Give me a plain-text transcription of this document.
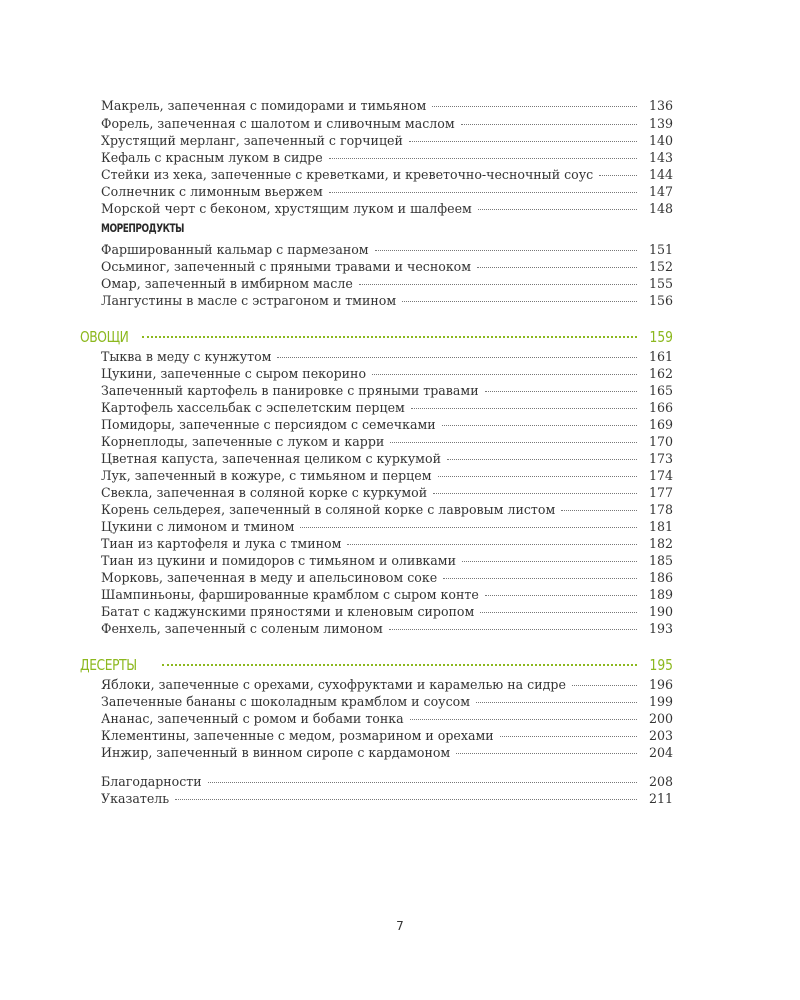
Макрель, запеченная с помидорами и тимьяном	136
Форель, запеченная с шалотом и сливочным маслом	139
Хрустящий мерланг, запеченный с горчицей	140
Кефаль с красным луком в сидре	143
Стейки из хека, запеченные с креветками, и креветочно-чесночный соус	144
Солнечник с лимонным вьержем	147
Морской черт с беконом, хрустящим луком и шалфеем	148
МОРЕПРОДУКТЫ
Фаршированный кальмар с пармезаном	151
Осьминог, запеченный с пряными травами и чесноком	152
Омар, запеченный в имбирном масле	155
Лангустины в масле с эстрагоном и тмином	156
ОВОЩИ	159
Тыква в меду с кунжутом	161
Цукини, запеченные с сыром пекорино	162
Запеченный картофель в панировке с пряными травами	165
Картофель хассельбак с эспелетским перцем	166
Помидоры, запеченные с персиядом с семечками	169
Корнеплоды, запеченные с луком и карри	170
Цветная капуста, запеченная целиком с куркумой	173
Лук, запеченный в кожуре, с тимьяном и перцем	174
Свекла, запеченная в соляной корке с куркумой	177
Корень сельдерея, запеченный в соляной корке с лавровым листом	178
Цукини с лимоном и тмином	181
Тиан из картофеля и лука с тмином	182
Тиан из цукини и помидоров с тимьяном и оливками	185
Морковь, запеченная в меду и апельсиновом соке	186
Шампиньоны, фаршированные крамблом с сыром конте	189
Батат с каджунскими пряностями и кленовым сиропом	190
Фенхель, запеченный с соленым лимоном	193
ДЕСЕРТЫ	195
Яблоки, запеченные с орехами, сухофруктами и карамелью на сидре	196
Запеченные бананы с шоколадным крамблом и соусом	199
Ананас, запеченный с ромом и бобами тонка	200
Клементины, запеченные с медом, розмарином и орехами	203
Инжир, запеченный в винном сиропе с кардамоном	204
Благодарности	208
Указатель	211
7
